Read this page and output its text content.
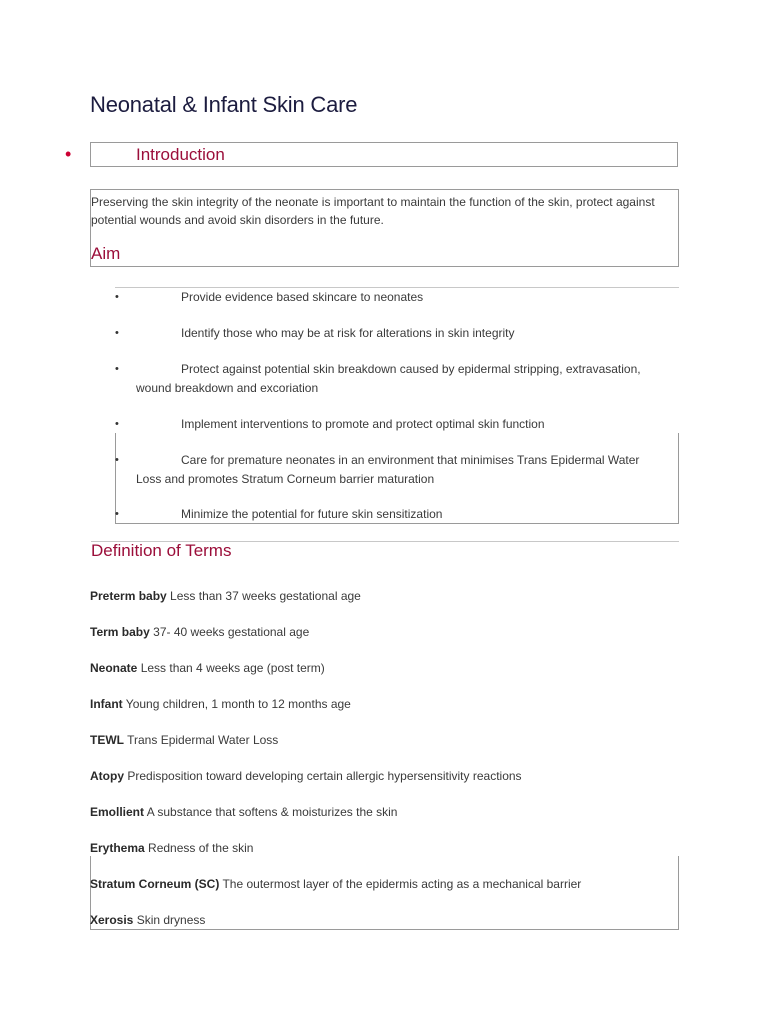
Neonatal & Infant Skin Care
•	Introduction
Preserving the skin integrity of the neonate is important to maintain the function of the skin, protect against potential wounds and avoid skin disorders in the future.
Aim
•	Provide evidence based skincare to neonates
•	Identify those who may be at risk for alterations in skin integrity
•	Protect against potential skin breakdown caused by epidermal stripping, extravasation, wound breakdown and excoriation
•	Implement interventions to promote and protect optimal skin function
•	Care for premature neonates in an environment that minimises Trans Epidermal Water Loss and promotes Stratum Corneum barrier maturation
•	Minimize the potential for future skin sensitization
Definition of Terms
Preterm baby Less than 37 weeks gestational age
Term baby 37- 40 weeks gestational age
Neonate Less than 4 weeks age (post term)
Infant Young children, 1 month to 12 months age
TEWL Trans Epidermal Water Loss
Atopy Predisposition toward developing certain allergic hypersensitivity reactions
Emollient A substance that softens & moisturizes the skin
Erythema Redness of the skin
Stratum Corneum (SC) The outermost layer of the epidermis acting as a mechanical barrier
Xerosis Skin dryness
